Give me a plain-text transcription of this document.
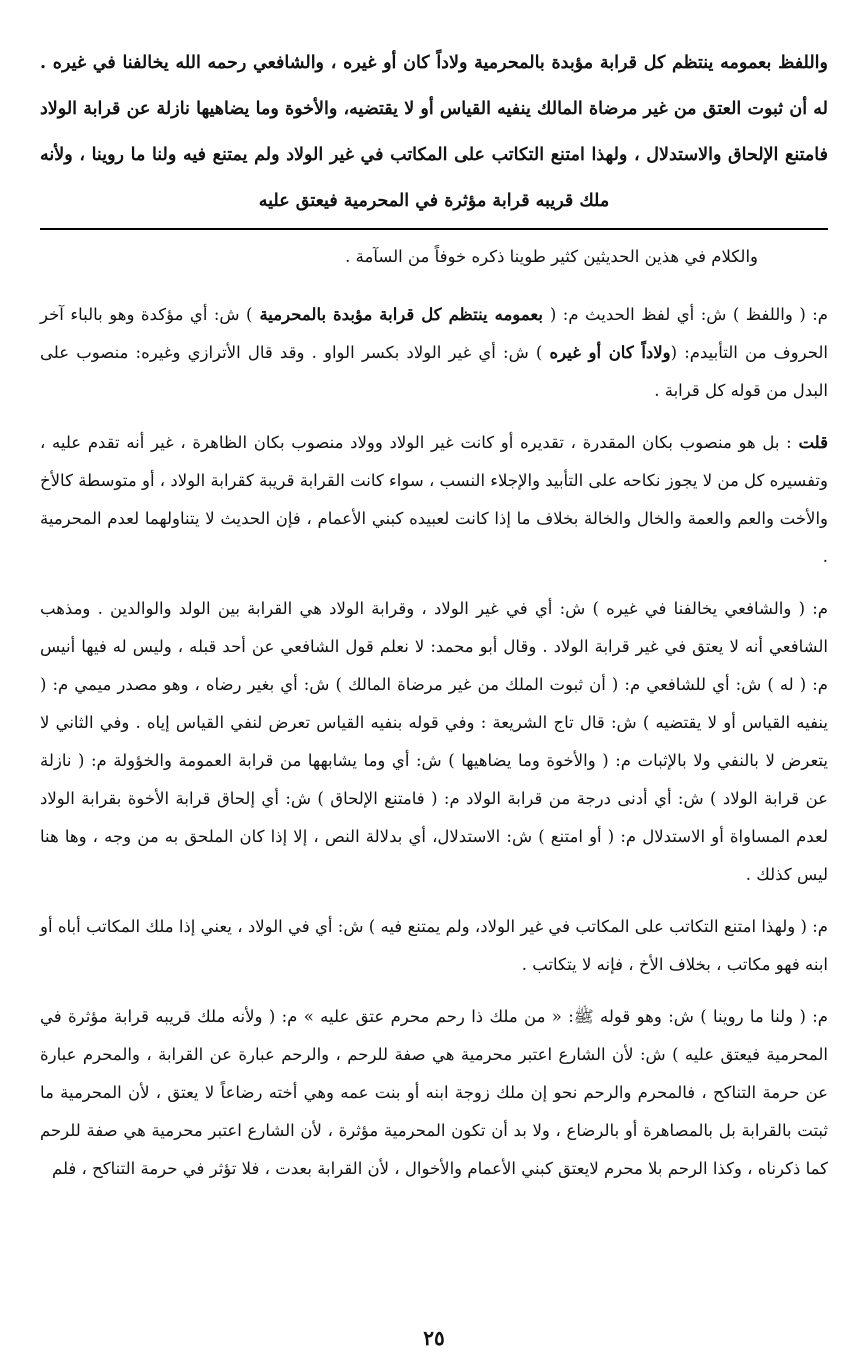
واللفظ بعمومه ينتظم كل قرابة مؤبدة بالمحرمية ولاداً كان أو غيره ، والشافعي رحمه الله يخالفنا في غيره . له أن ثبوت العتق من غير مرضاة المالك ينفيه القياس أو لا يقتضيه، والأخوة وما يضاهيها نازلة عن قرابة الولاد فامتنع الإلحاق والاستدلال ، ولهذا امتنع التكاتب على المكاتب في غير الولاد ولم يمتنع فيه ولنا ما روينا ، ولأنه ملك قريبه قرابة مؤثرة في المحرمية فيعتق عليه

والكلام في هذين الحديثين كثير طوينا ذكره خوفاً من السآمة .

م: ( واللفظ ) ش: أي لفظ الحديث م: ( بعمومه ينتظم كل قرابة مؤبدة بالمحرمية ) ش: أي مؤكدة وهو بالباء آخر الحروف من التأبيدم: (ولاداً كان أو غيره ) ش: أي غير الولاد بكسر الواو . وقد قال الأترازي وغيره: منصوب على البدل من قوله كل قرابة .

قلت : بل هو منصوب بكان المقدرة ، تقديره أو كانت غير الولاد وولاد منصوب بكان الظاهرة ، غير أنه تقدم عليه ، وتفسيره كل من لا يجوز نكاحه على التأبيد والإجلاء النسب ، سواء كانت القرابة قريبة كقرابة الولاد ، أو متوسطة كالأخ والأخت والعم والعمة والخال والخالة بخلاف ما إذا كانت لعبيده كبني الأعمام ، فإن الحديث لا يتناولهما لعدم المحرمية .

م: ( والشافعي يخالفنا في غيره ) ش: أي في غير الولاد ، وقرابة الولاد هي القرابة بين الولد والوالدين . ومذهب الشافعي أنه لا يعتق في غير قرابة الولاد . وقال أبو محمد: لا نعلم قول الشافعي عن أحد قبله ، وليس له فيها أنيس م: ( له ) ش: أي للشافعي م: ( أن ثبوت الملك من غير مرضاة المالك ) ش: أي بغير رضاه ، وهو مصدر ميمي م: ( ينفيه القياس أو لا يقتضيه ) ش: قال تاج الشريعة : وفي قوله بنفيه القياس تعرض لنفي القياس إياه . وفي الثاني لا يتعرض لا بالنفي ولا بالإثبات م: ( والأخوة وما يضاهيها ) ش: أي وما يشابهها من قرابة العمومة والخؤولة م: ( نازلة عن قرابة الولاد ) ش: أي أدنى درجة من قرابة الولاد م: ( فامتنع الإلحاق ) ش: أي إلحاق قرابة الأخوة بقرابة الولاد لعدم المساواة أو الاستدلال م: ( أو امتنع ) ش: الاستدلال، أي بدلالة النص ، إلا إذا كان الملحق به من وجه ، وها هنا ليس كذلك .

م: ( ولهذا امتنع التكاتب على المكاتب في غير الولاد، ولم يمتنع فيه ) ش: أي في الولاد ، يعني إذا ملك المكاتب أباه أو ابنه فهو مكاتب ، بخلاف الأخ ، فإنه لا يتكاتب .

م: ( ولنا ما روينا ) ش: وهو قوله ﷺ: « من ملك ذا رحم محرم عتق عليه » م: ( ولأنه ملك قريبه قرابة مؤثرة في المحرمية فيعتق عليه ) ش: لأن الشارع اعتبر محرمية هي صفة للرحم ، والرحم عبارة عن القرابة ، والمحرم عبارة عن حرمة التناكح ، فالمحرم والرحم نحو إن ملك زوجة ابنه أو بنت عمه وهي أخته رضاعاً لا يعتق ، لأن المحرمية ما ثبتت بالقرابة بل بالمصاهرة أو بالرضاع ، ولا بد أن تكون المحرمية مؤثرة ، لأن الشارع اعتبر محرمية هي صفة للرحم كما ذكرناه ، وكذا الرحم بلا محرم لايعتق كبني الأعمام والأخوال ، لأن القرابة بعدت ، فلا تؤثر في حرمة التناكح ، فلم

٢٥
